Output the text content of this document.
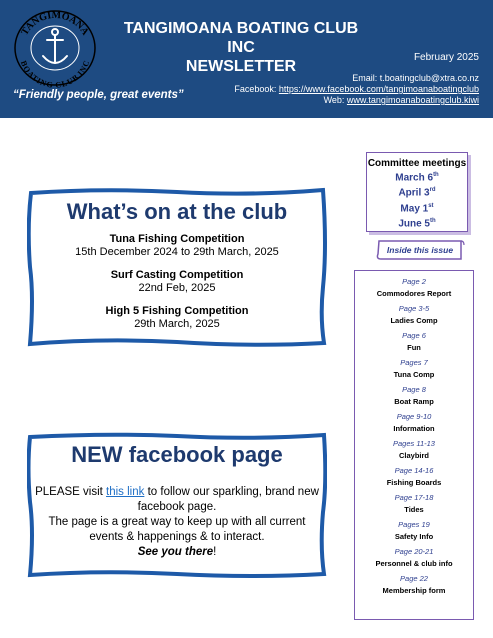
TANGIMOANA
BOATING CLUB INC
TANGIMOANA BOATING CLUB INC
NEWSLETTER
February 2025
Email: t.boatingclub@xtra.co.nz
Facebook: https://www.facebook.com/tangimoanaboatingclub
Web: www.tangimoanaboatingclub.kiwi
“Friendly people, great events”
What’s on at the club
Tuna Fishing Competition
15th December 2024 to 29th March, 2025
Surf Casting Competition
22nd Feb, 2025
High 5 Fishing Competition
29th March, 2025
NEW facebook page
PLEASE visit this link to follow our sparkling, brand new facebook page.
The page is a great way to keep up with all current events & happenings & to interact.
See you there!
Committee meetings
March 6th
April 3rd
May 1st
June 5th
Inside this issue
Page 2
Commodores Report
Page 3-5
Ladies Comp
Page 6
Fun
Pages 7
Tuna Comp
Page 8
Boat Ramp
Page 9-10
Information
Pages 11-13
Claybird
Page 14-16
Fishing Boards
Page 17-18
Tides
Pages 19
Safety Info
Page 20-21
Personnel & club info
Page 22
Membership form
